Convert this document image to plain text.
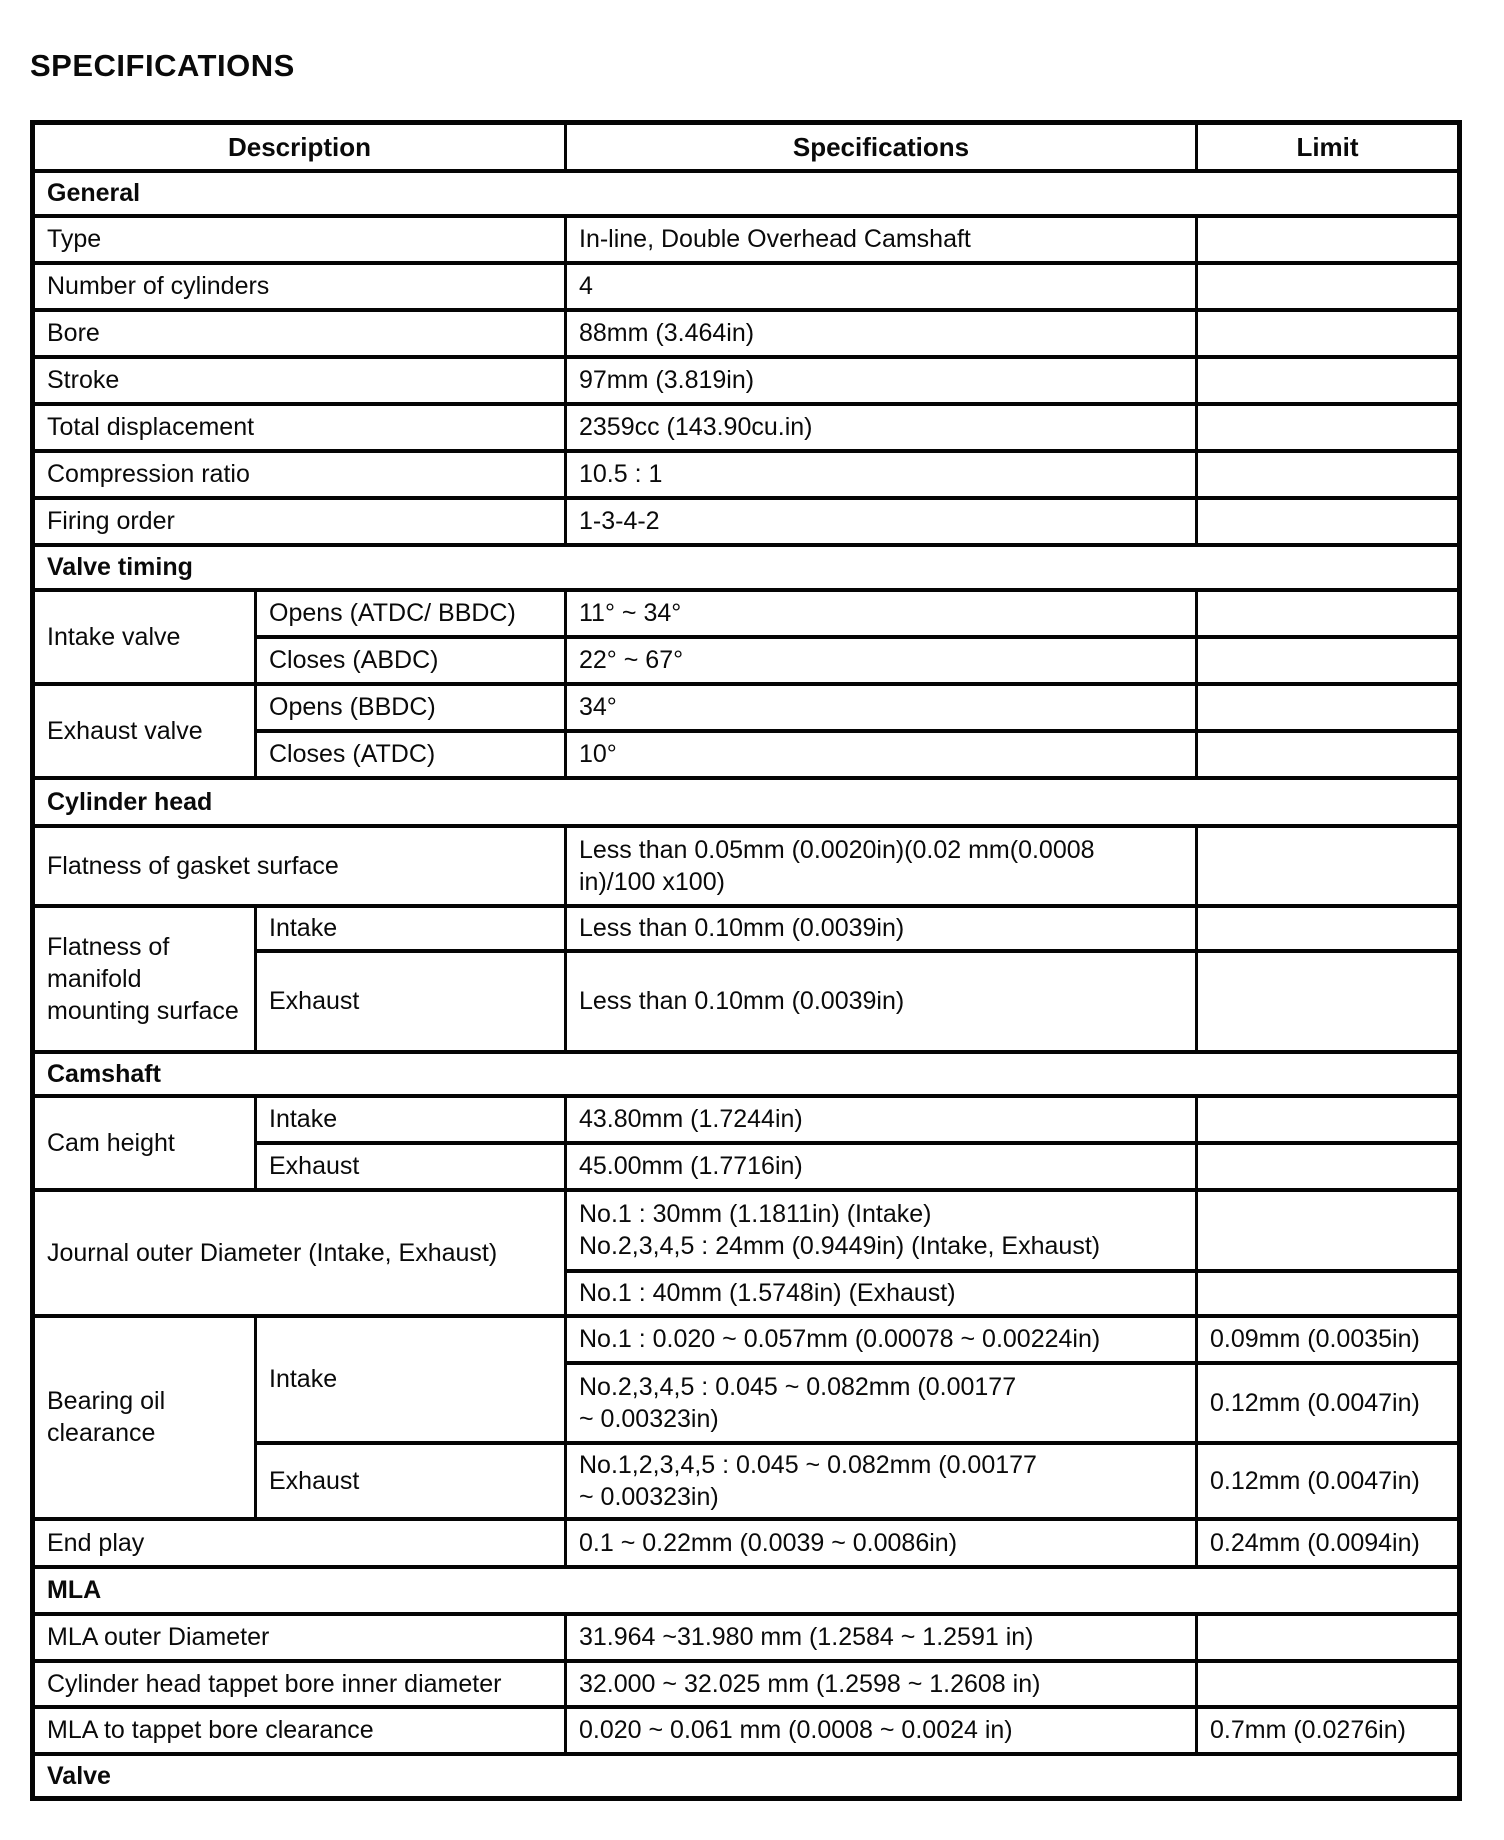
SPECIFICATIONS
Description		Specifications	Limit
General			
Type		In-line, Double Overhead Camshaft	
Number of cylinders		4	
Bore		88mm (3.464in)	
Stroke		97mm (3.819in)	
Total displacement		2359cc (143.90cu.in)	
Compression ratio		10.5 : 1	
Firing order		1-3-4-2	
Valve timing			
Intake valve	Opens (ATDC/ BBDC)	11° ~ 34°	
	Closes (ABDC)	22° ~ 67°	
Exhaust valve	Opens (BBDC)	34°	
	Closes (ATDC)	10°	
Cylinder head			
Flatness of gasket surface		Less than 0.05mm (0.0020in)(0.02 mm(0.0008
in)/100 x100)	

Flatness of manifold mounting surface	Intake	Less than 0.10mm (0.0039in)	
	Exhaust	Less than 0.10mm (0.0039in)	
Camshaft			
Cam height	Intake	43.80mm (1.7244in)	
	Exhaust	45.00mm (1.7716in)	
Journal outer Diameter (Intake, Exhaust)		No.1 : 30mm (1.1811in) (Intake)
No.2,3,4,5 : 24mm (0.9449in) (Intake, Exhaust)	

		No.1 : 40mm (1.5748in) (Exhaust)	
Bearing oil clearance	Intake	No.1 : 0.020 ~ 0.057mm (0.00078 ~ 0.00224in)	0.09mm (0.0035in)

		No.2,3,4,5 : 0.045 ~ 0.082mm (0.00177
~ 0.00323in)	0.12mm (0.0047in)
	Exhaust	No.1,2,3,4,5 : 0.045 ~ 0.082mm (0.00177
~ 0.00323in)	0.12mm (0.0047in)
End play		0.1 ~ 0.22mm (0.0039 ~ 0.0086in)	0.24mm (0.0094in)
MLA			
MLA outer Diameter		31.964 ~31.980 mm (1.2584 ~ 1.2591 in)	
Cylinder head tappet bore inner diameter		32.000 ~ 32.025 mm (1.2598 ~ 1.2608 in)	
MLA to tappet bore clearance		0.020 ~ 0.061 mm (0.0008 ~ 0.0024 in)	0.7mm (0.0276in)
Valve			
